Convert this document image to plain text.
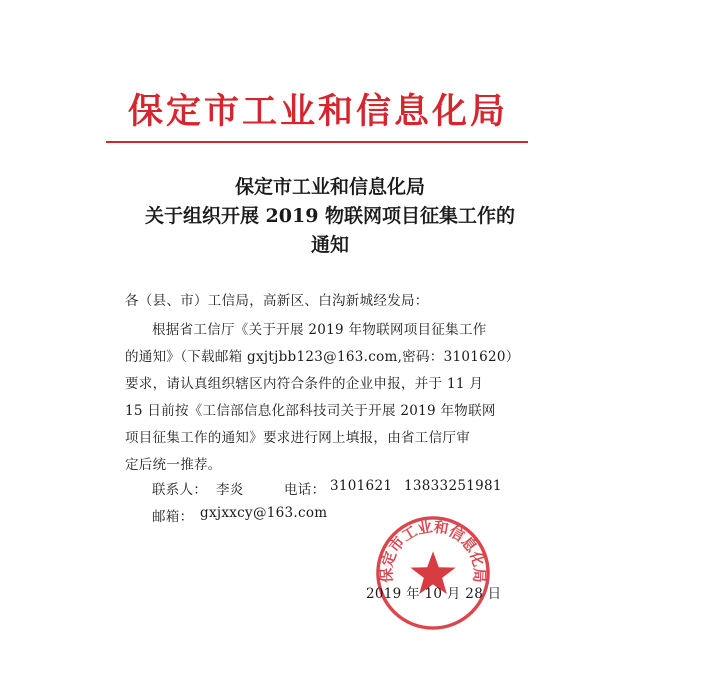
保定市工业和信息化局
保定市工业和信息化局
关于组织开展 2019 物联网项目征集工作的
通知
各（县、市）工信局，高新区、白沟新城经发局：
根据省工信厅《关于开展 2019 年物联网项目征集工作
的通知》（下载邮箱 gxjtjbb123@163.com,密码：3101620）
要求，请认真组织辖区内符合条件的企业申报，并于 11 月
15 日前按《工信部信息化部科技司关于开展 2019 年物联网
项目征集工作的通知》要求进行网上填报，由省工信厅审
定后统一推荐。
联系人： 李炎	电话： 3101621 13833251981
邮箱： gxjxxcy@163.com
保定市工业和信息化局
2019 年 10 月 28 日
